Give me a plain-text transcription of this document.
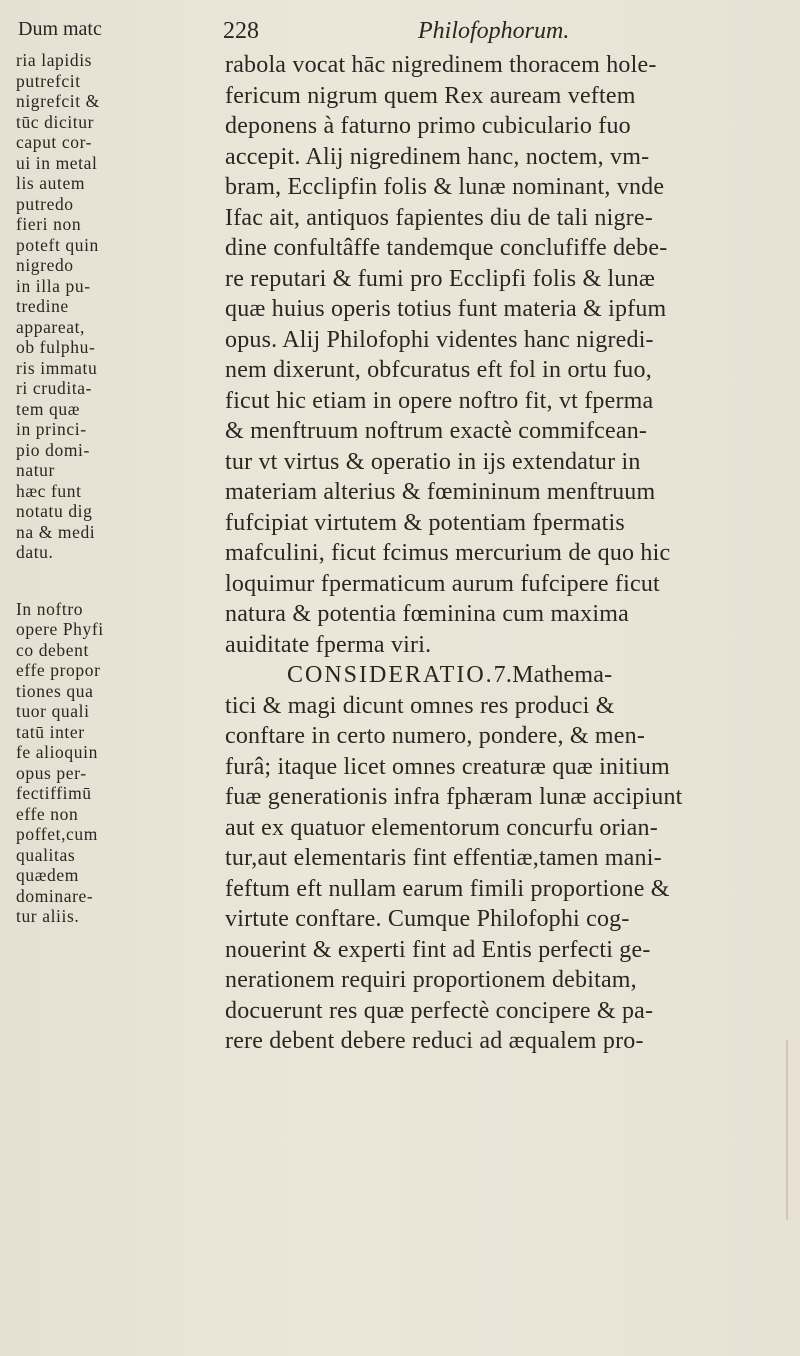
Dum matc	228	Philofophorum.
ria lapidis
putrefcit
nigrefcit &
tūc dicitur
caput cor-
ui in metal
lis autem
putredo
fieri non
poteft quin
nigredo
in illa pu-
tredine
appareat,
ob fulphu-
ris immatu
ri crudita-
tem quæ
in princi-
pio domi-
natur
hæc funt
notatu dig
na & medi
datu.
In noftro
opere Phyfi
co debent
effe propor
tiones qua
tuor quali
tatū inter
fe alioquin
opus per-
fectiffimū
effe non
poffet,cum
qualitas
quædem
dominare-
tur aliis.
rabola vocat hāc nigredinem thoracem hole-
fericum nigrum quem Rex auream veftem
deponens à faturno primo cubiculario fuo
accepit. Alij nigredinem hanc, noctem, vm-
bram, Ecclipfin folis & lunæ nominant, vnde
Ifac ait, antiquos fapientes diu de tali nigre-
dine confultâffe tandemque conclufiffe debe-
re reputari & fumi pro Ecclipfi folis & lunæ
quæ huius operis totius funt materia & ipfum
opus. Alij Philofophi videntes hanc nigredi-
nem dixerunt, obfcuratus eft fol in ortu fuo,
ficut hic etiam in opere noftro fit, vt fperma
& menftruum noftrum exactè commifcean-
tur vt virtus & operatio in ijs extendatur in
materiam alterius & fœmininum menftruum
fufcipiat virtutem & potentiam fpermatis
mafculini, ficut fcimus mercurium de quo hic
loquimur fpermaticum aurum fufcipere ficut
natura & potentia fœminina cum maxima
auiditate fperma viri.
CONSIDERATIO.7.Mathema-
tici & magi dicunt omnes res produci &
conftare in certo numero, pondere, & men-
furâ; itaque licet omnes creaturæ quæ initium
fuæ generationis infra fphæram lunæ accipiunt
aut ex quatuor elementorum concurfu orian-
tur,aut elementaris fint effentiæ,tamen mani-
feftum eft nullam earum fimili proportione &
virtute conftare. Cumque Philofophi cog-
nouerint & experti fint ad Entis perfecti ge-
nerationem requiri proportionem debitam,
docuerunt res quæ perfectè concipere & pa-
rere debent debere reduci ad æqualem pro-
